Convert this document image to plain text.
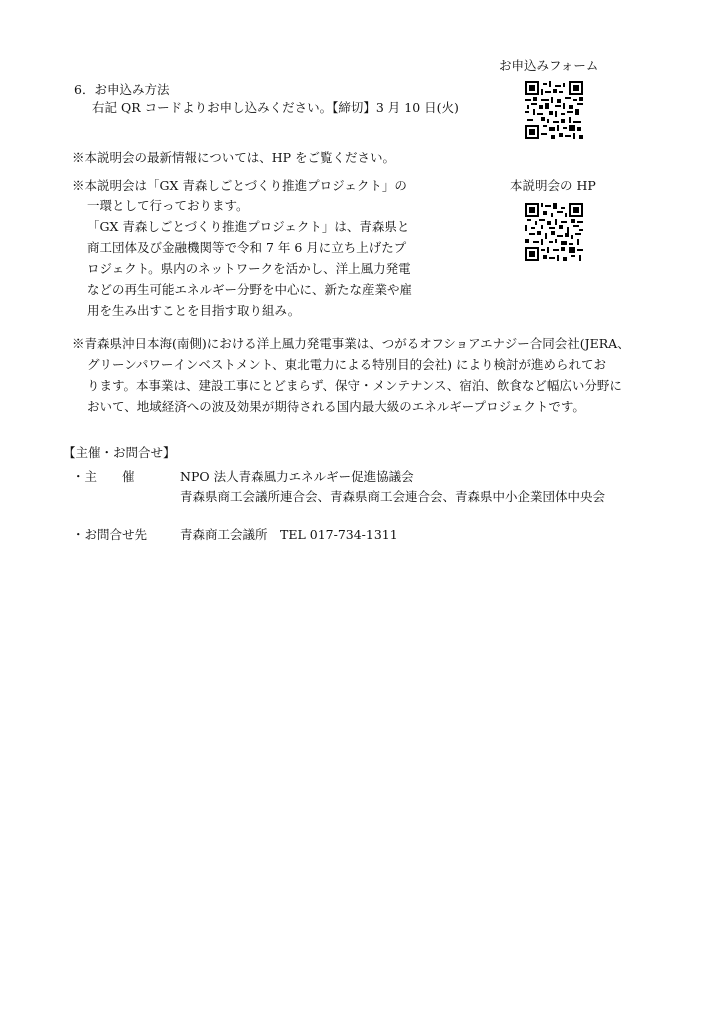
お申込みフォーム
本説明会の HP
6．お申込み方法
右記 QR コードよりお申し込みください。【締切】3 月 10 日(火)
※本説明会の最新情報については、HP をご覧ください。
※本説明会は「GX 青森しごとづくり推進プロジェクト」の
一環として行っております。
「GX 青森しごとづくり推進プロジェクト」は、青森県と
商工団体及び金融機関等で令和 7 年 6 月に立ち上げたプ
ロジェクト。県内のネットワークを活かし、洋上風力発電
などの再生可能エネルギー分野を中心に、新たな産業や雇
用を生み出すことを目指す取り組み。
※青森県沖日本海(南側)における洋上風力発電事業は、つがるオフショアエナジー合同会社(JERA、
グリーンパワーインベストメント、東北電力による特別目的会社) により検討が進められてお
ります。本事業は、建設工事にとどまらず、保守・メンテナンス、宿泊、飲食など幅広い分野に
おいて、地域経済への波及効果が期待される国内最大級のエネルギープロジェクトです。
【主催・お問合せ】
・主　　催	NPO 法人青森風力エネルギー促進協議会
青森県商工会議所連合会、青森県商工会連合会、青森県中小企業団体中央会
・お問合せ先	青森商工会議所　TEL 017-734-1311
